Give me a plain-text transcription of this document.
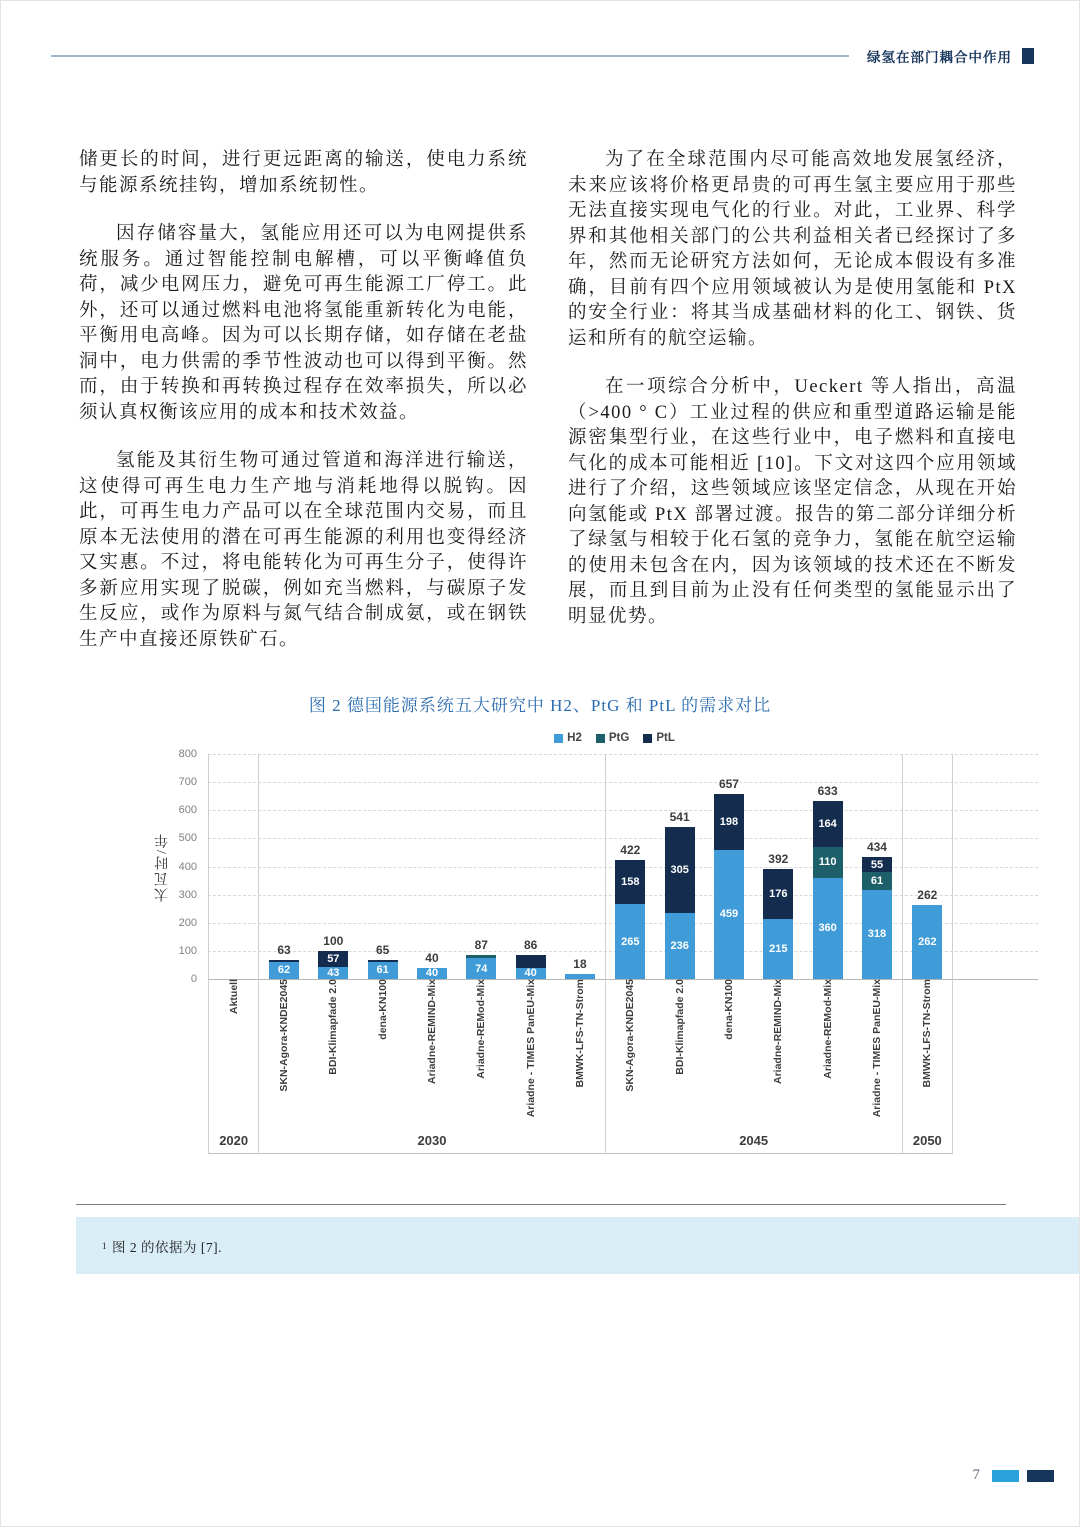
绿氢在部门耦合中作用

储更长的时间，进行更远距离的输送，使电力系统与能源系统挂钩，增加系统韧性。

因存储容量大，氢能应用还可以为电网提供系统服务。通过智能控制电解槽，可以平衡峰值负荷，减少电网压力，避免可再生能源工厂停工。此外，还可以通过燃料电池将氢能重新转化为电能，平衡用电高峰。因为可以长期存储，如存储在老盐洞中，电力供需的季节性波动也可以得到平衡。然而，由于转换和再转换过程存在效率损失，所以必须认真权衡该应用的成本和技术效益。

氢能及其衍生物可通过管道和海洋进行输送，这使得可再生电力生产地与消耗地得以脱钩。因此，可再生电力产品可以在全球范围内交易，而且原本无法使用的潜在可再生能源的利用也变得经济又实惠。不过，将电能转化为可再生分子，使得许多新应用实现了脱碳，例如充当燃料，与碳原子发生反应，或作为原料与氮气结合制成氨，或在钢铁生产中直接还原铁矿石。

为了在全球范围内尽可能高效地发展氢经济，未来应该将价格更昂贵的可再生氢主要应用于那些无法直接实现电气化的行业。对此，工业界、科学界和其他相关部门的公共利益相关者已经探讨了多年，然而无论研究方法如何，无论成本假设有多准确，目前有四个应用领域被认为是使用氢能和 PtX 的安全行业：将其当成基础材料的化工、钢铁、货运和所有的航空运输。

在一项综合分析中，Ueckert 等人指出，高温（>400 ° C）工业过程的供应和重型道路运输是能源密集型行业，在这些行业中，电子燃料和直接电气化的成本可能相近 [10]。下文对这四个应用领域进行了介绍，这些领域应该坚定信念，从现在开始向氢能或 PtX 部署过渡。报告的第二部分详细分析了绿氢与相较于化石氢的竞争力，氢能在航空运输的使用未包含在内，因为该领域的技术还在不断发展，而且到目前为止没有任何类型的氢能显示出了明显优势。

图 2 德国能源系统五大研究中 H2、PtG 和 PtL 的需求对比
H2 PtG PtL
0
100
200
300
400
500
600
700
800
Aktuell
2020
63
62
100
57
43
65
61
40
40
87
74
86
40
18
SKN-Agora-KNDE2045	BDI-Klimapfade 2.0	dena-KN100	Ariadne-REMIND-Mix	Ariadne-REMod-Mix	Ariadne - TIMES PanEU-Mix	BMWK-LFS-TN-Strom
2030
422
158
265
541
305
236
657
198
459
392
176
215
633
164
110
360
434
55
61
318
SKN-Agora-KNDE2045	BDI-Klimapfade 2.0	dena-KN100	Ariadne-REMIND-Mix	Ariadne-REMod-Mix	Ariadne - TIMES PanEU-Mix
2045
262
262
BMWK-LFS-TN-Strom
2050
太瓦时/年
1 图 2 的依据为 [7].
7
